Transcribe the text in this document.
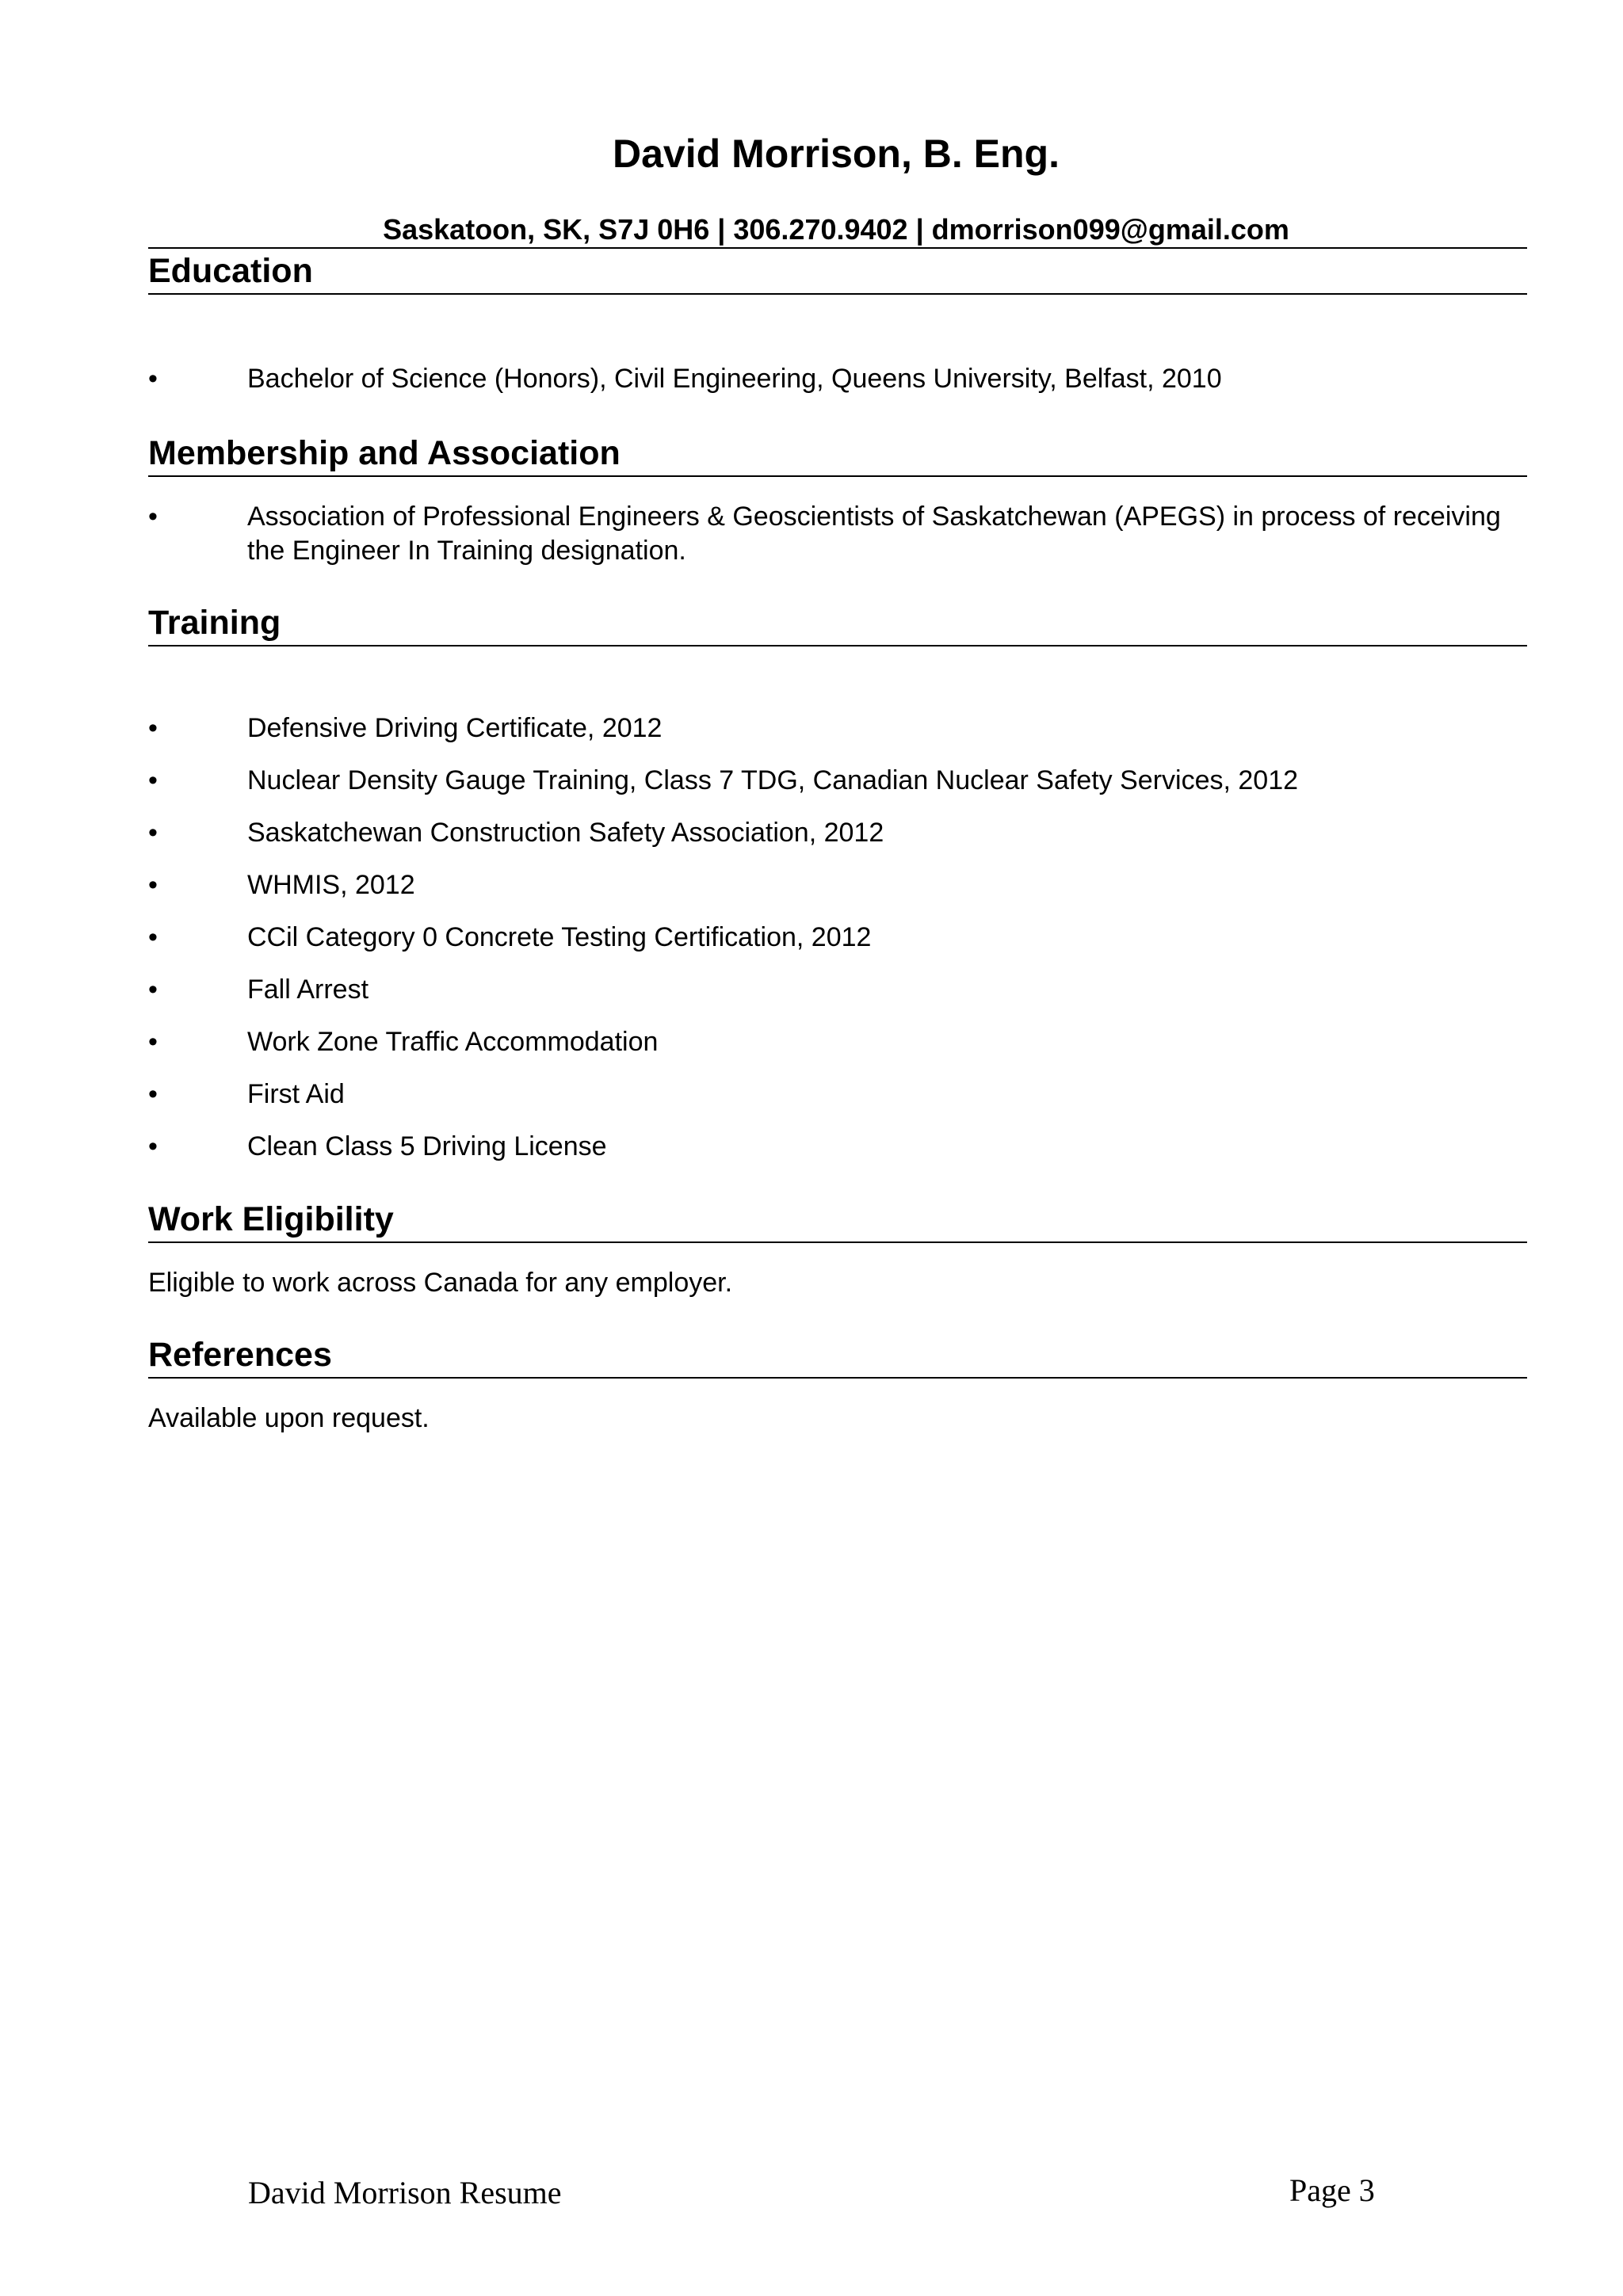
David Morrison, B. Eng.
Saskatoon, SK, S7J 0H6 | 306.270.9402 | dmorrison099@gmail.com
Education
•	Bachelor of Science (Honors), Civil Engineering, Queens University, Belfast, 2010
Membership and Association
•	Association of Professional Engineers & Geoscientists of Saskatchewan (APEGS) in process of receiving the Engineer In Training designation.
Training
•	Defensive Driving Certificate, 2012
•	Nuclear Density Gauge Training, Class 7 TDG, Canadian Nuclear Safety Services, 2012
•	Saskatchewan Construction Safety Association, 2012
•	WHMIS, 2012
•	CCil Category 0 Concrete Testing Certification, 2012
•	Fall Arrest
•	Work Zone Traffic Accommodation
•	First Aid
•	Clean Class 5 Driving License
Work Eligibility

Eligible to work across Canada for any employer.

References

Available upon request.

David Morrison Resume	Page 3
